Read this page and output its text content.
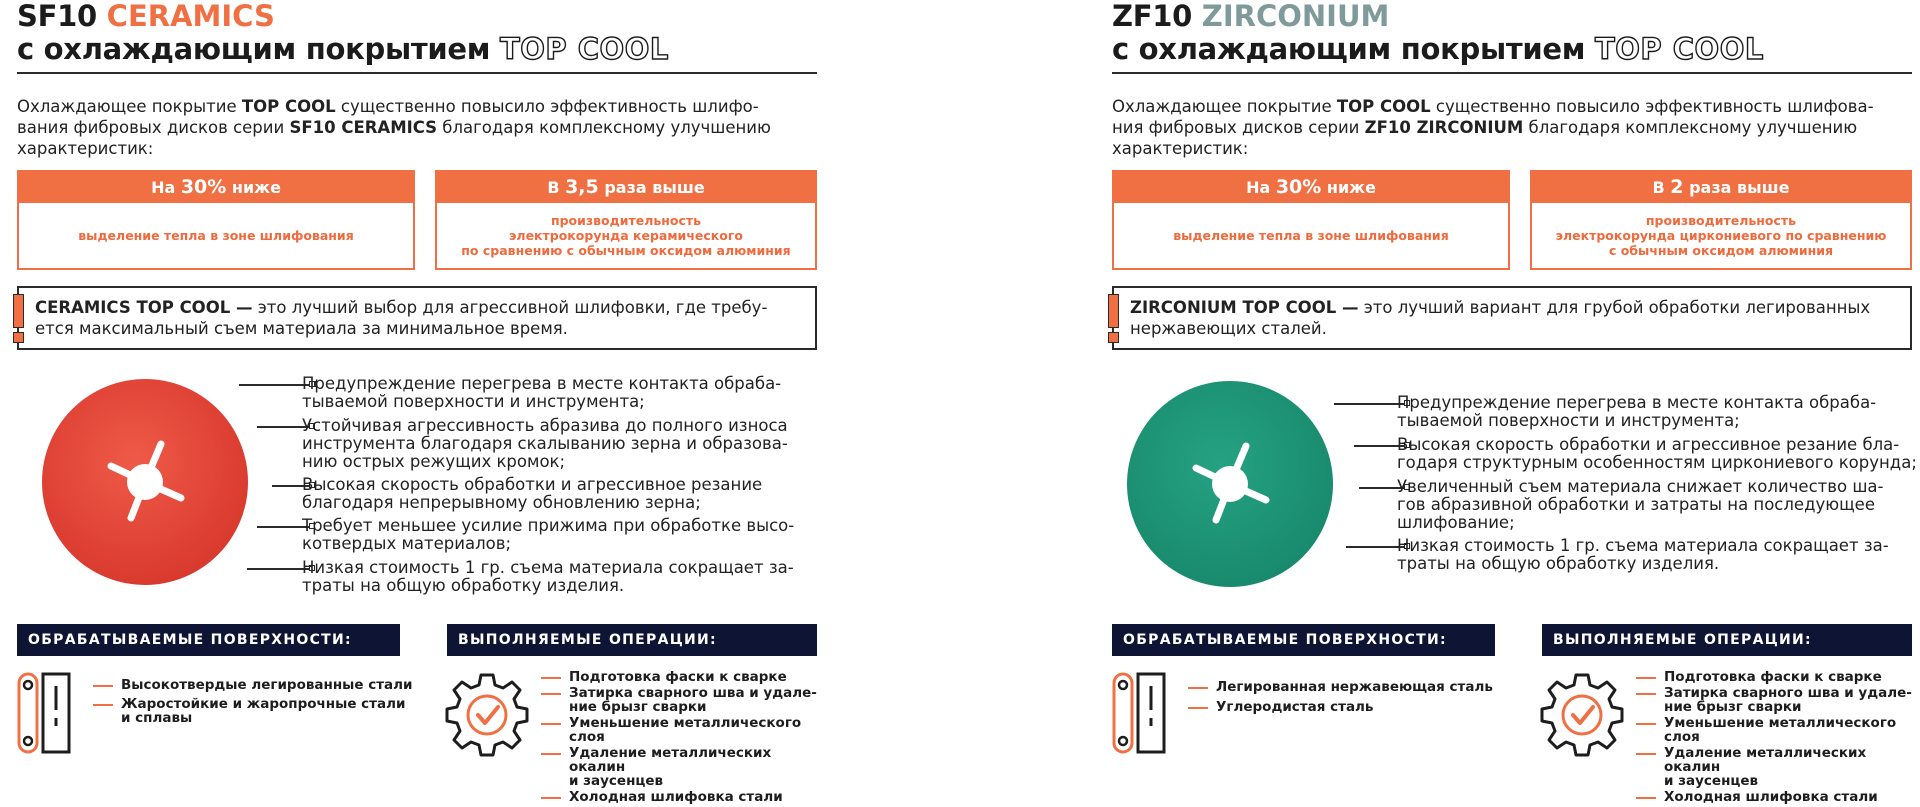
SF10 CERAMICS
с охлаждающим покрытием TOP COOL
Охлаждающее покрытие TOP COOL существенно повысило эффективность шлифо-
вания фибровых дисков серии SF10 CERAMICS благодаря комплексному улучшению
характеристик:
На 30% ниже
выделение тепла в зоне шлифования
В 3,5 раза выше
производительность
электрокорунда керамического
по сравнению с обычным оксидом алюминия
CERAMICS TOP COOL — это лучший выбор для агрессивной шлифовки, где требу-
ется максимальный съем материала за минимальное время.
Предупреждение перегрева в месте контакта обраба-
тываемой поверхности и инструмента;
Устойчивая агрессивность абразива до полного износа
инструмента благодаря скалыванию зерна и образова-
нию острых режущих кромок;
Высокая скорость обработки и агрессивное резание
благодаря непрерывному обновлению зерна;
Требует меньшее усилие прижима при обработке высо-
котвердых материалов;
Низкая стоимость 1 гр. съема материала сокращает за-
траты на общую обработку изделия.
ОБРАБАТЫВАЕМЫЕ ПОВЕРХНОСТИ:	ВЫПОЛНЯЕМЫЕ ОПЕРАЦИИ:
Высокотвердые легированные стали
Жаростойкие и жаропрочные стали
и сплавы
Подготовка фаски к сварке
Затирка сварного шва и удале-
ние брызг сварки
Уменьшение металлического
слоя
Удаление металлических окалин
и заусенцев
Холодная шлифовка стали
ZF10 ZIRCONIUM
с охлаждающим покрытием TOP COOL
Охлаждающее покрытие TOP COOL существенно повысило эффективность шлифова-
ния фибровых дисков серии ZF10 ZIRCONIUM благодаря комплексному улучшению
характеристик:
На 30% ниже
выделение тепла в зоне шлифования
В 2 раза выше
производительность
электрокорунда циркониевого по сравнению
с обычным оксидом алюминия
ZIRCONIUM TOP COOL — это лучший вариант для грубой обработки легированных
нержавеющих сталей.
Предупреждение перегрева в месте контакта обраба-
тываемой поверхности и инструмента;
Высокая скорость обработки и агрессивное резание бла-
годаря структурным особенностям циркониевого корунда;
Увеличенный съем материала снижает количество ша-
гов абразивной обработки и затраты на последующее
шлифование;
Низкая стоимость 1 гр. съема материала сокращает за-
траты на общую обработку изделия.
ОБРАБАТЫВАЕМЫЕ ПОВЕРХНОСТИ:	ВЫПОЛНЯЕМЫЕ ОПЕРАЦИИ:
Легированная нержавеющая сталь
Углеродистая сталь
Подготовка фаски к сварке
Затирка сварного шва и удале-
ние брызг сварки
Уменьшение металлического
слоя
Удаление металлических окалин
и заусенцев
Холодная шлифовка стали
